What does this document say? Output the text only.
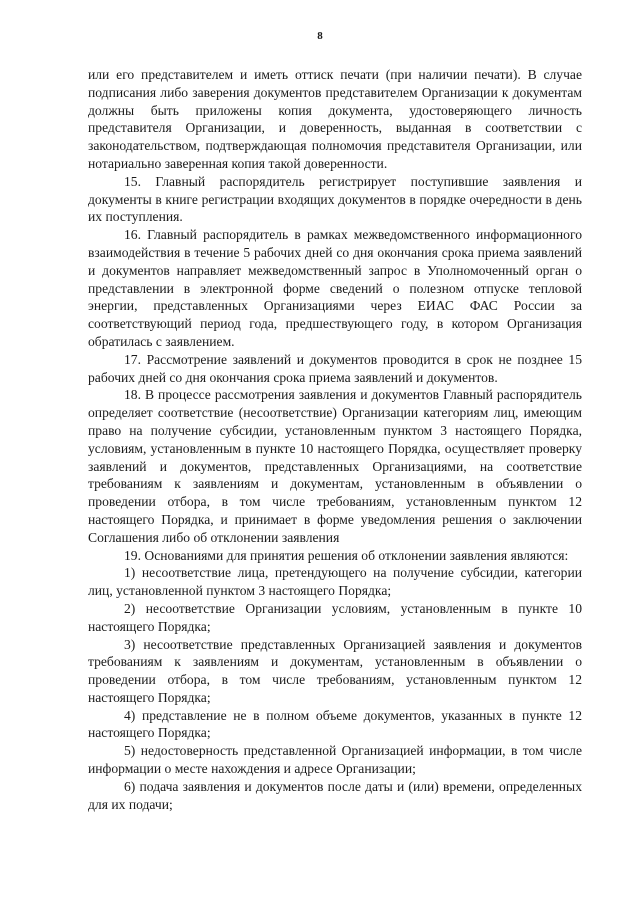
8

или его представителем и иметь оттиск печати (при наличии печати). В случае подписания либо заверения документов представителем Организации к документам должны быть приложены копия документа, удостоверяющего личность представителя Организации, и доверенность, выданная в соответствии с законодательством, подтверждающая полномочия представителя Организации, или нотариально заверенная копия такой доверенности.

15. Главный распорядитель регистрирует поступившие заявления и документы в книге регистрации входящих документов в порядке очередности в день их поступления.

16. Главный распорядитель в рамках межведомственного информационного взаимодействия в течение 5 рабочих дней со дня окончания срока приема заявлений и документов направляет межведомственный запрос в Уполномоченный орган о представлении в электронной форме сведений о полезном отпуске тепловой энергии, представленных Организациями через ЕИАС ФАС России за соответствующий период года, предшествующего году, в котором Организация обратилась с заявлением.

17. Рассмотрение заявлений и документов проводится в срок не позднее 15 рабочих дней со дня окончания срока приема заявлений и документов.

18. В процессе рассмотрения заявления и документов Главный распорядитель определяет соответствие (несоответствие) Организации категориям лиц, имеющим право на получение субсидии, установленным пунктом 3 настоящего Порядка, условиям, установленным в пункте 10 настоящего Порядка, осуществляет проверку заявлений и документов, представленных Организациями, на соответствие требованиям к заявлениям и документам, установленным в объявлении о проведении отбора, в том числе требованиям, установленным пунктом 12 настоящего Порядка, и принимает в форме уведомления решения о заключении Соглашения либо об отклонении заявления

19. Основаниями для принятия решения об отклонении заявления являются:

1) несоответствие лица, претендующего на получение субсидии, категории лиц, установленной пунктом 3 настоящего Порядка;

2) несоответствие Организации условиям, установленным в пункте 10 настоящего Порядка;

3) несоответствие представленных Организацией заявления и документов требованиям к заявлениям и документам, установленным в объявлении о проведении отбора, в том числе требованиям, установленным пунктом 12 настоящего Порядка;

4) представление не в полном объеме документов, указанных в пункте 12 настоящего Порядка;

5) недостоверность представленной Организацией информации, в том числе информации о месте нахождения и адресе Организации;

6) подача заявления и документов после даты и (или) времени, определенных для их подачи;
